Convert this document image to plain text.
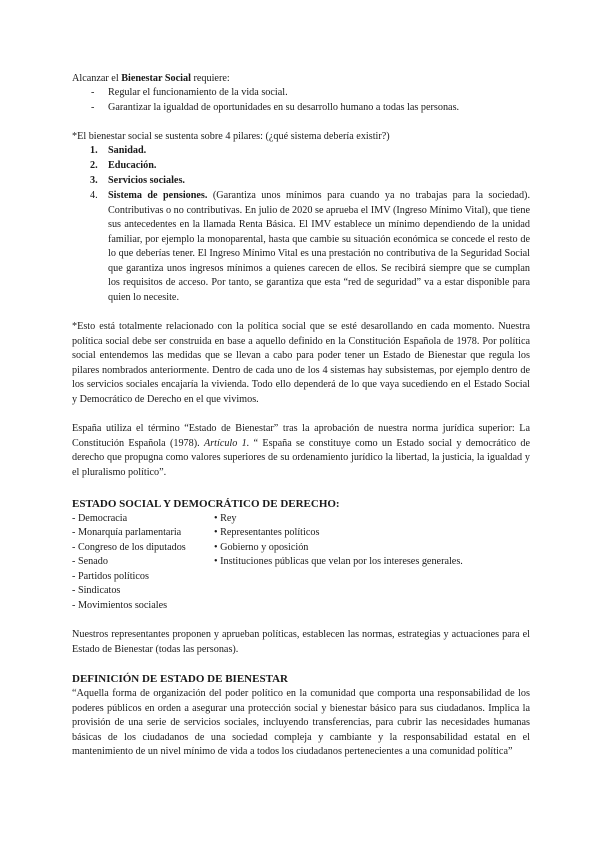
Alcanzar el Bienestar Social requiere:

- Regular el funcionamiento de la vida social.
- Garantizar la igualdad de oportunidades en su desarrollo humano a todas las personas.

*El bienestar social se sustenta sobre 4 pilares: (¿qué sistema debería existir?)

1. Sanidad.
2. Educación.
3. Servicios sociales.
4. Sistema de pensiones. (Garantiza unos mínimos para cuando ya no trabajas para la sociedad). Contributivas o no contributivas. En julio de 2020 se aprueba el IMV (Ingreso Mínimo Vital), que tiene sus antecedentes en la llamada Renta Básica. El IMV establece un mínimo dependiendo de la unidad familiar, por ejemplo la monoparental, hasta que cambie su situación económica se concede el resto de lo que deberías tener. El Ingreso Mínimo Vital es una prestación no contributiva de la Seguridad Social que garantiza unos ingresos mínimos a quienes carecen de ellos. Se recibirá siempre que se cumplan los requisitos de acceso. Por tanto, se garantiza que esta “red de seguridad” va a estar disponible para quien lo necesite.

*Esto está totalmente relacionado con la política social que se esté desarollando en cada momento. Nuestra política social debe ser construida en base a aquello definido en la Constitución Española de 1978. Por política social entendemos las medidas que se llevan a cabo para poder tener un Estado de Bienestar que regula los pilares nombrados anteriormente. Dentro de cada uno de los 4 sistemas hay subsistemas, por ejemplo dentro de los servicios sociales encajaría la vivienda. Todo ello dependerá de lo que vaya sucediendo en el Estado Social y Democrático de Derecho en el que vivimos.

España utiliza el término “Estado de Bienestar” tras la aprobación de nuestra norma jurídica superior: La Constitución Española (1978). Artículo 1. “ España se constituye como un Estado social y democrático de derecho que propugna como valores superiores de su ordenamiento jurídico la libertad, la justicia, la igualdad y el pluralismo político”.

ESTADO SOCIAL Y DEMOCRÁTICO DE DERECHO:

- Democracia
- Monarquía parlamentaria
- Congreso de los diputados
- Senado
- Partidos políticos
- Sindicatos
- Movimientos sociales
• Rey
• Representantes políticos
• Gobierno y oposición
• Instituciones públicas que velan por los intereses generales.

Nuestros representantes proponen y aprueban políticas, establecen las normas, estrategias y actuaciones para el Estado de Bienestar (todas las personas).

DEFINICIÓN DE ESTADO DE BIENESTAR

“Aquella forma de organización del poder político en la comunidad que comporta una responsabilidad de los poderes públicos en orden a asegurar una protección social y bienestar básico para sus ciudadanos. Implica la provisión de una serie de servicios sociales, incluyendo transferencias, para cubrir las necesidades humanas básicas de los ciudadanos de una sociedad compleja y cambiante y la responsabilidad estatal en el mantenimiento de un nivel mínimo de vida a todos los ciudadanos pertenecientes a una comunidad política”
